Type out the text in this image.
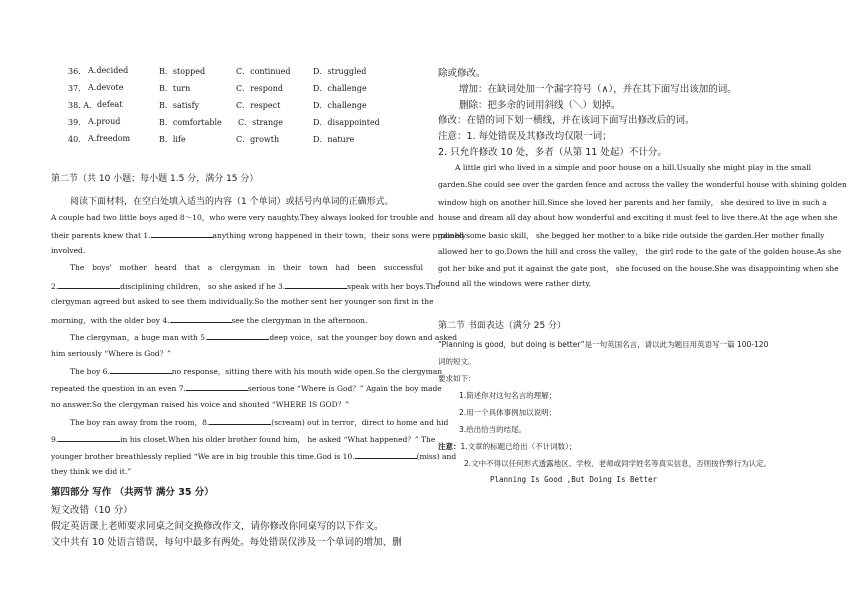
36． A.decided	B．stopped	C．continued	D．struggled
37． A.devote	B．turn	C．respond	D．challenge
38. A． defeat	B．satisfy	C．respect	D．challenge
39． A.proud	B．comfortable C．strange	D．disappointed
40． A.freedom	B．life	C．growth	D．nature
第二节（共 10 小题；每小题 1.5 分，满分 15 分）
阅读下面材料，在空白处填入适当的内容（1 个单词）或括号内单词的正确形式。
A couple had two little boys aged 8～10，who were very naughty.They always looked for trouble and
their parents knew that 1.	anything wrong happened in their town，their sons were probably
involved.
The boys' mother heard that a clergyman in their town had been successful
2.	disciplining children， so she asked if he 3.	speak with her boys.The
clergyman agreed but asked to see them individually.So the mother sent her younger son first in the
morning，with the older boy 4.	see the clergyman in the afternoon.
The clergyman，a huge man with 5.	deep voice，sat the younger boy down and asked
him seriously “Where is God？”
The boy 6.	no response，sitting there with his mouth wide open.So the clergyman
repeated the question in an even 7.	serious tone “Where is God？” Again the boy made
no answer.So the clergyman raised his voice and shouted “WHERE IS GOD？”
The boy ran away from the room，8.	(scream) out in terror，direct to home and hid
9.	in his closet.When his older brother found him， he asked “What happened？” The
younger brother breathlessly replied “We are in big trouble this time.God is 10.	(miss) and
they think we did it.”
第四部分 写作 （共两节 满分 35 分）
短文改错（10 分）
假定英语课上老师要求同桌之间交换修改作文，请你修改你同桌写的以下作文。
文中共有 10 处语言错误，每句中最多有两处。每处错误仅涉及一个单词的增加、删
除或修改。
增加：在缺词处加一个漏字符号（∧），并在其下面写出该加的词。
删除：把多余的词用斜线（＼）划掉。
修改：在错的词下划一横线，并在该词下面写出修改后的词。
注意：1. 每处错误及其修改均仅限一词；
2. 只允许修改 10 处，多者（从第 11 处起）不计分。
A little girl who lived in a simple and poor house on a hill.Usually she might play in the small
garden.She could see over the garden fence and across the valley the wonderful house with shining golden
window high on another hill.Since she loved her parents and her family， she desired to live in such a
house and dream all day about how wonderful and exciting it must feel to live there.At the age when she
gained some basic skill， she begged her mother to a bike ride outside the garden.Her mother finally
allowed her to go.Down the hill and cross the valley， the girl rode to the gate of the golden house.As she
got her bike and put it against the gate post， she focused on the house.She was disappointing when she
found all the windows were rather dirty.
第二节 书面表达（满分 25 分）
“Planning is good，but doing is better”是一句英国名言，请以此为题目用英语写一篇 100-120
词的短文。
要求如下：
1.简述你对这句名言的理解；
2.用一个具体事例加以说明；
3.给出恰当的结尾。
注意：1.文章的标题已给出（不计词数）；
2.文中不得以任何形式透露地区、学校、老师或同学姓名等真实信息，否则按作弊行为认定。
Planning Is Good ,But Doing Is Better
